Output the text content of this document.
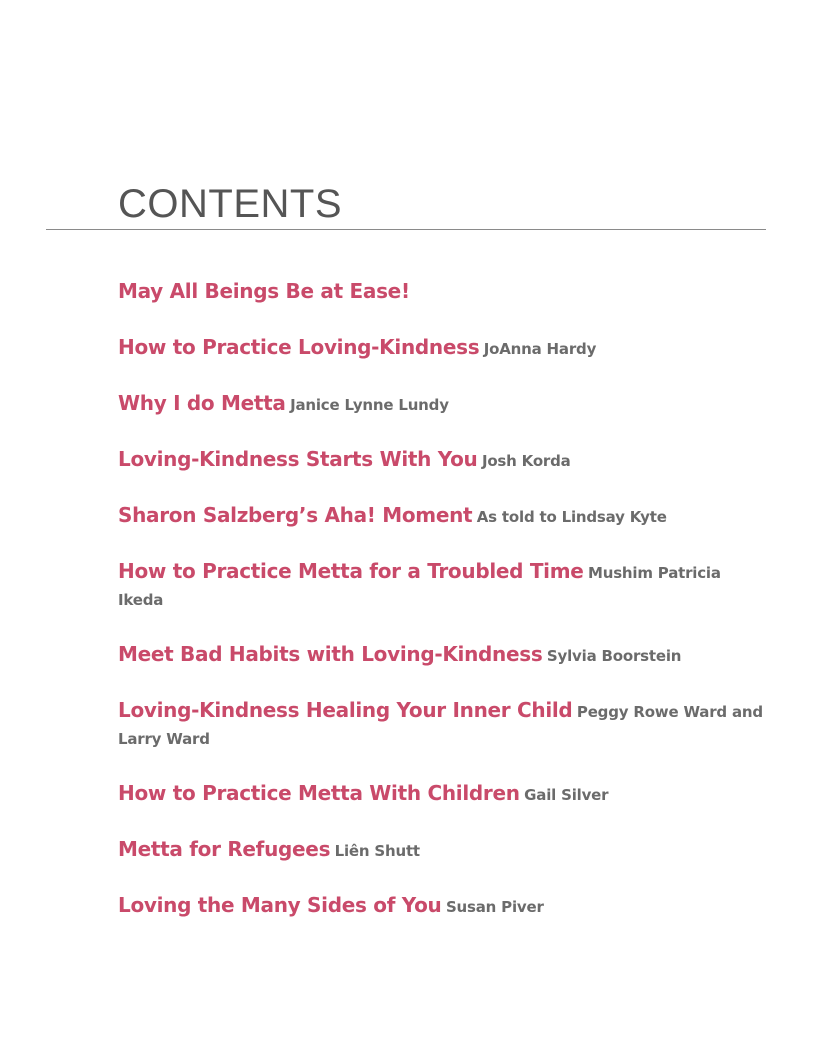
CONTENTS
May All Beings Be at Ease!
How to Practice Loving-Kindness JoAnna Hardy
Why I do Metta Janice Lynne Lundy
Loving-Kindness Starts With You Josh Korda
Sharon Salzberg’s Aha! Moment As told to Lindsay Kyte
How to Practice Metta for a Troubled Time Mushim Patricia Ikeda
Meet Bad Habits with Loving-Kindness Sylvia Boorstein
Loving-Kindness Healing Your Inner Child Peggy Rowe Ward and Larry Ward
How to Practice Metta With Children Gail Silver
Metta for Refugees Liên Shutt
Loving the Many Sides of You Susan Piver
